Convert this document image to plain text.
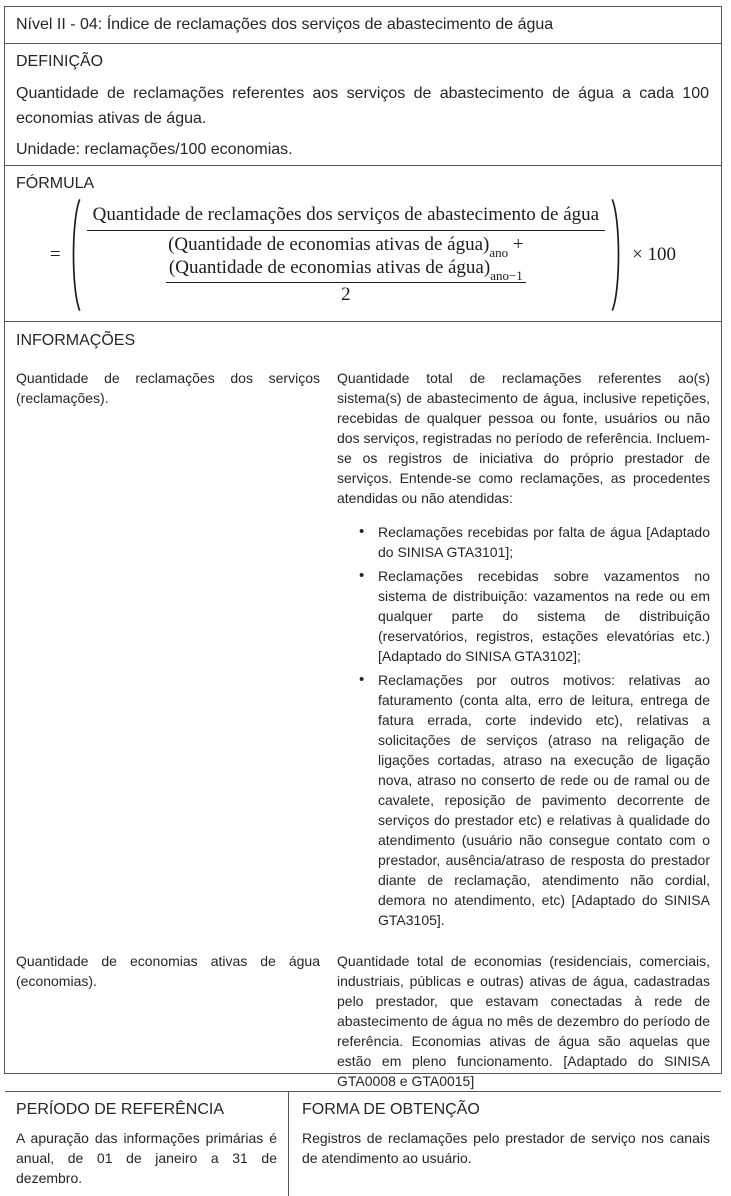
Nível II - 04: Índice de reclamações dos serviços de abastecimento de água
DEFINIÇÃO
Quantidade de reclamações referentes aos serviços de abastecimento de água a cada 100 economias ativas de água.
Unidade: reclamações/100 economias.
FÓRMULA
=
Quantidade de reclamações dos serviços de abastecimento de água
(Quantidade de economias ativas de $água)_{ano}$ +
(Quantidade de economias ativas de $água)_{ano-1}$
2
× 100
INFORMAÇÕES
Quantidade de reclamações dos serviços (reclamações).
Quantidade total de reclamações referentes ao(s) sistema(s) de abastecimento de água, inclusive repetições, recebidas de qualquer pessoa ou fonte, usuários ou não dos serviços, registradas no período de referência. Incluem-se os registros de iniciativa do próprio prestador de serviços. Entende-se como reclamações, as procedentes atendidas ou não atendidas:
• Reclamações recebidas por falta de água [Adaptado do SINISA GTA3101];
• Reclamações recebidas sobre vazamentos no sistema de distribuição: vazamentos na rede ou em qualquer parte do sistema de distribuição (reservatórios, registros, estações elevatórias etc.) [Adaptado do SINISA GTA3102];
• Reclamações por outros motivos: relativas ao faturamento (conta alta, erro de leitura, entrega de fatura errada, corte indevido etc), relativas a solicitações de serviços (atraso na religação de ligações cortadas, atraso na execução de ligação nova, atraso no conserto de rede ou de ramal ou de cavalete, reposição de pavimento decorrente de serviços do prestador etc) e relativas à qualidade do atendimento (usuário não consegue contato com o prestador, ausência/atraso de resposta do prestador diante de reclamação, atendimento não cordial, demora no atendimento, etc) [Adaptado do SINISA GTA3105].
Quantidade de economias ativas de água (economias).
Quantidade total de economias (residenciais, comerciais, industriais, públicas e outras) ativas de água, cadastradas pelo prestador, que estavam conectadas à rede de abastecimento de água no mês de dezembro do período de referência. Economias ativas de água são aquelas que estão em pleno funcionamento. [Adaptado do SINISA GTA0008 e GTA0015]
PERÍODO DE REFERÊNCIA
A apuração das informações primárias é anual, de 01 de janeiro a 31 de dezembro.
FORMA DE OBTENÇÃO
Registros de reclamações pelo prestador de serviço nos canais de atendimento ao usuário.
